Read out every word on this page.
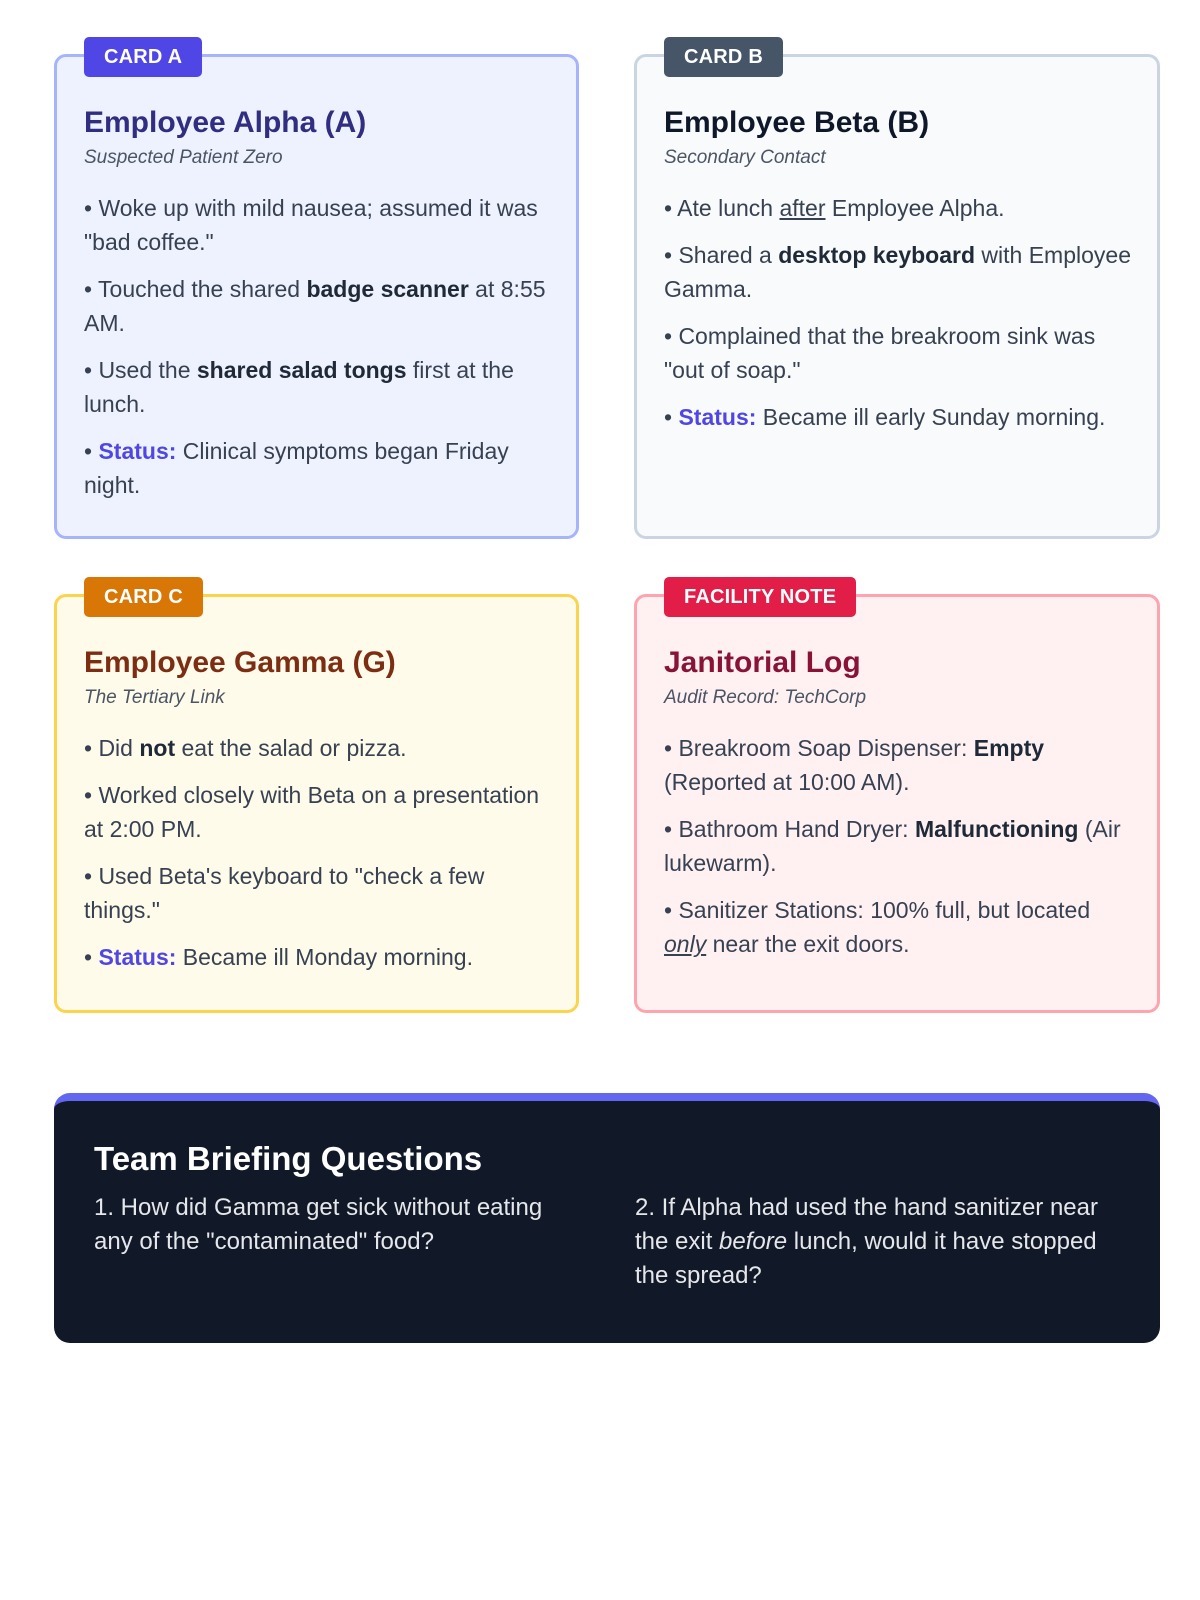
CARD A
Employee Alpha (A)
Suspected Patient Zero
• Woke up with mild nausea; assumed it was "bad coffee."
• Touched the shared badge scanner at 8:55 AM.
• Used the shared salad tongs first at the lunch.
• Status: Clinical symptoms began Friday night.
CARD B
Employee Beta (B)
Secondary Contact
• Ate lunch after Employee Alpha.
• Shared a desktop keyboard with Employee Gamma.
• Complained that the breakroom sink was "out of soap."
• Status: Became ill early Sunday morning.
CARD C
Employee Gamma (G)
The Tertiary Link
• Did not eat the salad or pizza.
• Worked closely with Beta on a presentation at 2:00 PM.
• Used Beta's keyboard to "check a few things."
• Status: Became ill Monday morning.
FACILITY NOTE
Janitorial Log
Audit Record: TechCorp
• Breakroom Soap Dispenser: Empty (Reported at 10:00 AM).
• Bathroom Hand Dryer: Malfunctioning (Air lukewarm).
• Sanitizer Stations: 100% full, but located only near the exit doors.
Team Briefing Questions
1. How did Gamma get sick without eating any of the "contaminated" food?
2. If Alpha had used the hand sanitizer near the exit before lunch, would it have stopped the spread?
